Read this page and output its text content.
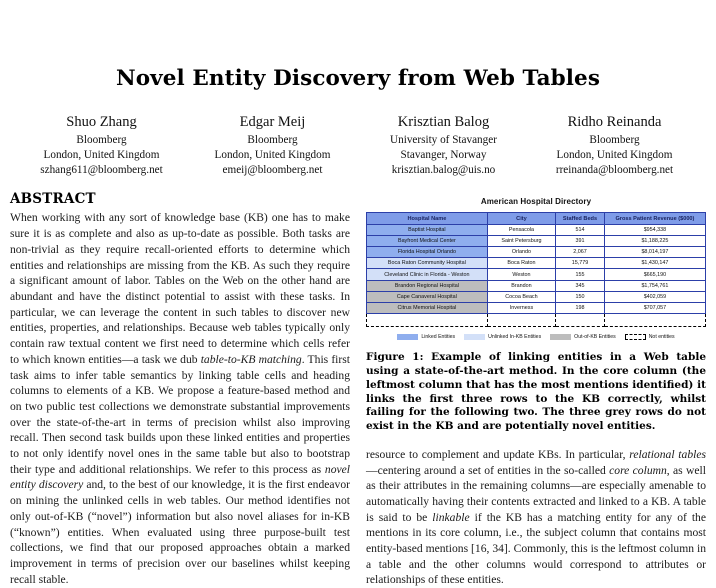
Novel Entity Discovery from Web Tables
Shuo Zhang
Bloomberg
London, United Kingdom
szhang611@bloomberg.net
Edgar Meij
Bloomberg
London, United Kingdom
emeij@bloomberg.net
Krisztian Balog
University of Stavanger
Stavanger, Norway
krisztian.balog@uis.no
Ridho Reinanda
Bloomberg
London, United Kingdom
rreinanda@bloomberg.net
ABSTRACT

When working with any sort of knowledge base (KB) one has to make sure it is as complete and also as up-to-date as possible. Both tasks are non-trivial as they require recall-oriented efforts to determine which entities and relationships are missing from the KB. As such they require a significant amount of labor. Tables on the Web on the other hand are abundant and have the distinct potential to assist with these tasks. In particular, we can leverage the content in such tables to discover new entities, properties, and relationships. Because web tables typically only contain raw textual content we first need to determine which cells refer to which known entities—a task we dub table-to-KB matching. This first task aims to infer table semantics by linking table cells and heading columns to elements of a KB. We propose a feature-based method and on two public test collections we demonstrate substantial improvements over the state-of-the-art in terms of precision whilst also improving recall. Then second task builds upon these linked entities and properties to not only identify novel ones in the same table but also to bootstrap their type and additional relationships. We refer to this process as novel entity discovery and, to the best of our knowledge, it is the first endeavor on mining the unlinked cells in web tables. Our method identifies not only out-of-KB (“novel”) information but also novel aliases for in-KB (“known”) entities. When evaluated using three purpose-built test collections, we find that our proposed approaches obtain a marked improvement in terms of precision over our baselines whilst keeping recall stable.

American Hospital Directory
Hospital Name	City	Staffed Beds	Gross Patient Revenue ($000)
Baptist Hospital	Pensacola	514	$954,338
Bayfront Medical Center	Saint Petersburg	391	$1,188,225
Florida Hospital Orlando	Orlando	2,067	$8,014,197
Boca Raton Community Hospital	Boca Raton	15,779	$1,430,147
Cleveland Clinic in Florida - Weston	Weston	155	$665,190
Brandon Regional Hospital	Brandon	345	$1,754,761
Cape Canaveral Hospital	Cocoa Beach	150	$402,059
Citrus Memorial Hospital	Inverness	198	$707,057

Linked Entities	Unlinked In-KB Entities	Out-of-KB Entities	Not entities

Figure 1: Example of linking entities in a Web table using a state-of-the-art method. In the core column (the leftmost column that has the most mentions identified) it links the first three rows to the KB correctly, whilst failing for the following two. The three grey rows do not exist in the KB and are potentially novel entities.

resource to complement and update KBs. In particular, relational tables—centering around a set of entities in the so-called core column, as well as their attributes in the remaining columns—are especially amenable to automatically having their contents extracted and linked to a KB. A table is said to be linkable if the KB has a matching entity for any of the mentions in its core column, i.e., the subject column that contains most entity-based mentions [16, 34]. Commonly, this is the leftmost column in a table and the other columns would correspond to attributes or relationships of these entities.
